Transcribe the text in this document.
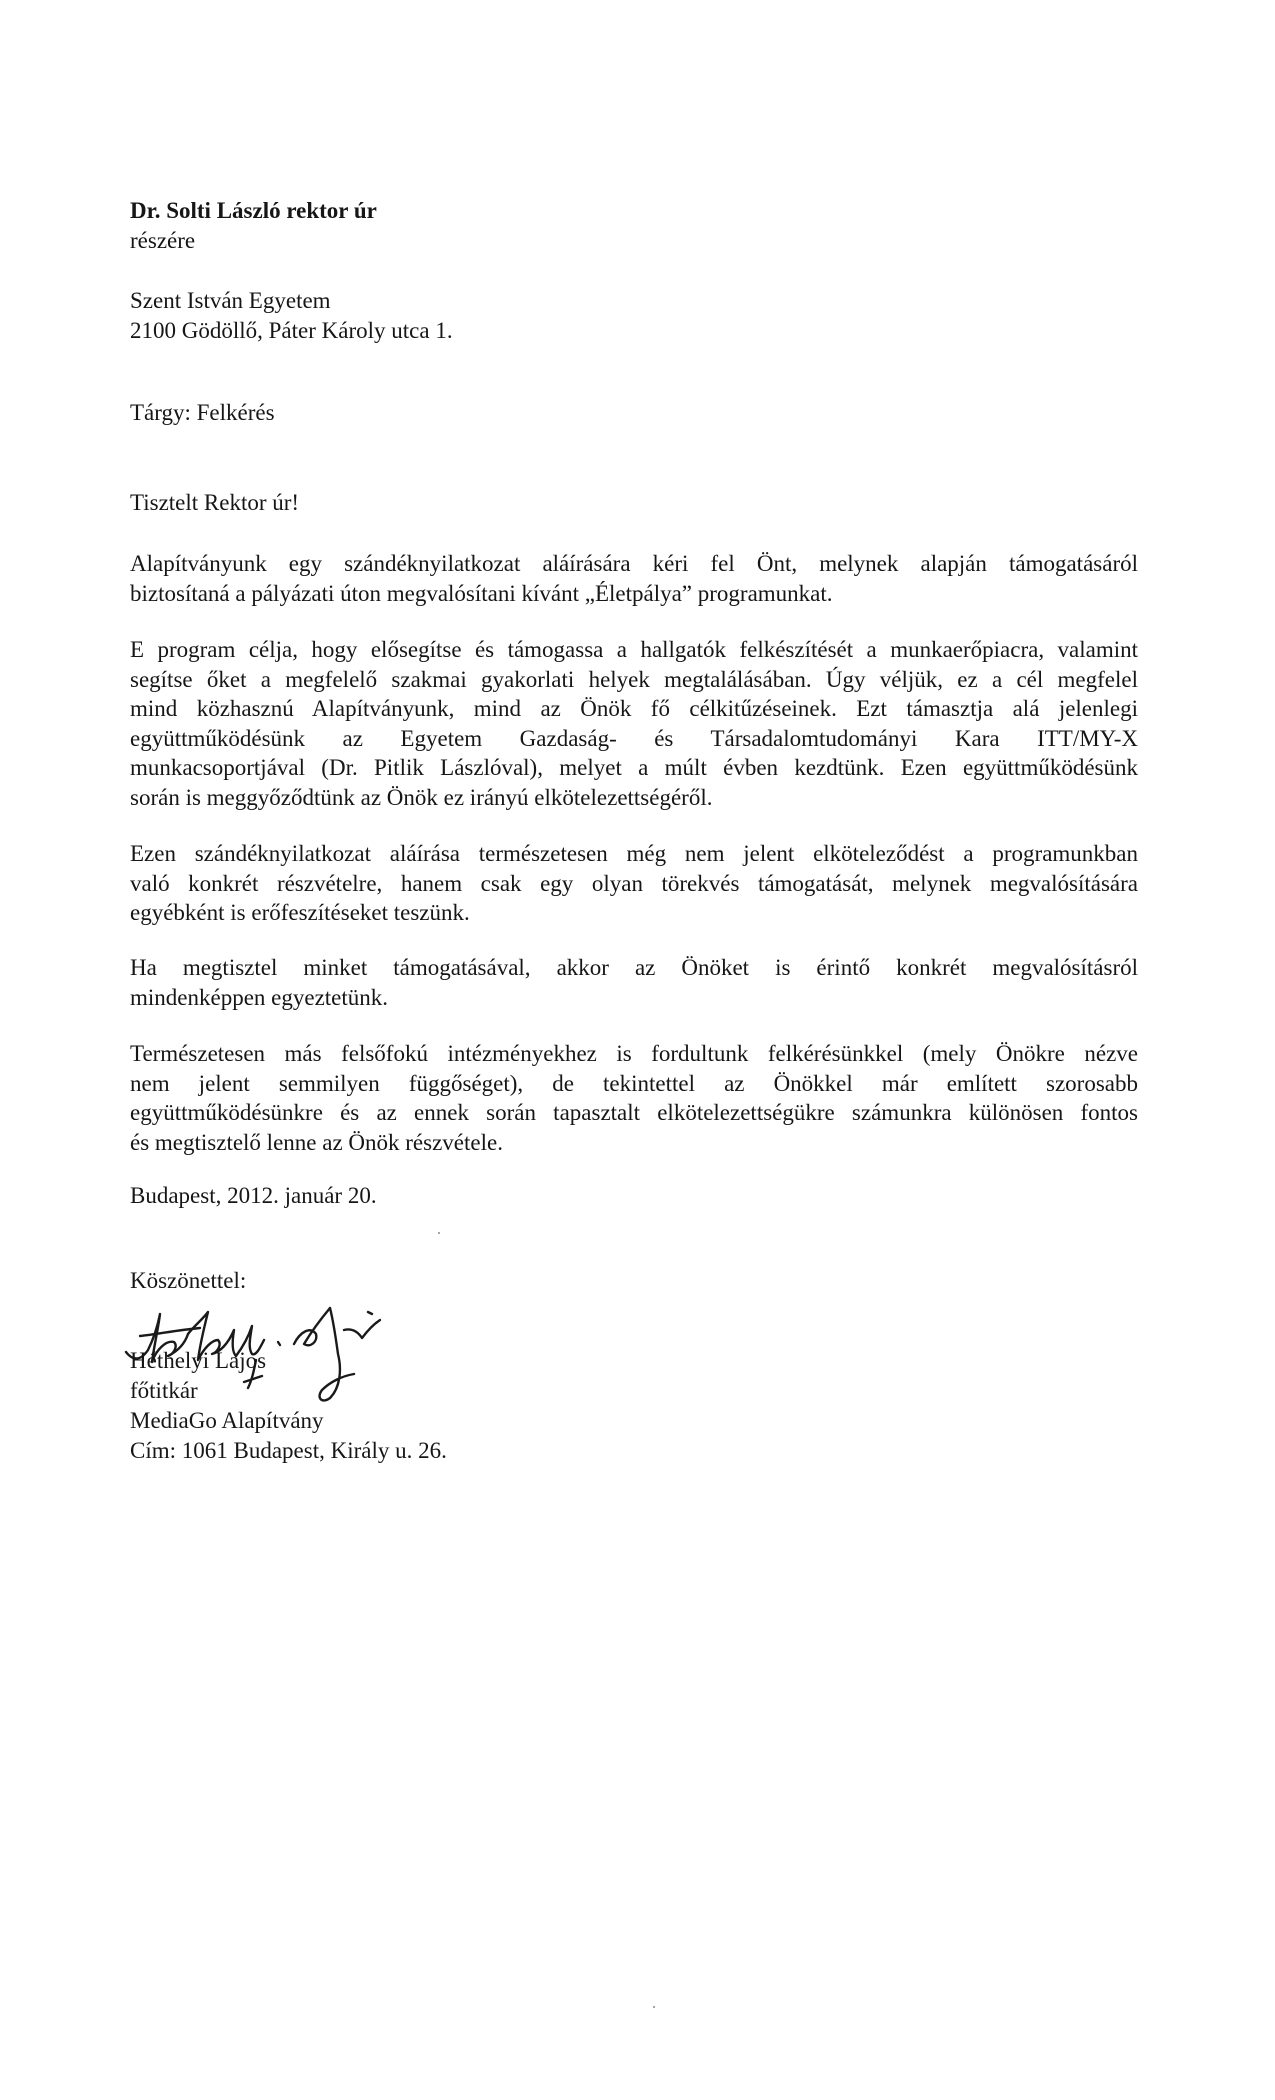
Dr. Solti László rektor úr
részére
Szent István Egyetem
2100 Gödöllő, Páter Károly utca 1.
Tárgy: Felkérés
Tisztelt Rektor úr!

Alapítványunk egy szándéknyilatkozat aláírására kéri fel Önt, melynek alapján támogatásáról

biztosítaná a pályázati úton megvalósítani kívánt „Életpálya” programunkat.

E program célja, hogy elősegítse és támogassa a hallgatók felkészítését a munkaerőpiacra, valamint

segítse őket a megfelelő szakmai gyakorlati helyek megtalálásában. Úgy véljük, ez a cél megfelel

mind közhasznú Alapítványunk, mind az Önök fő célkitűzéseinek. Ezt támasztja alá jelenlegi

együttműködésünk az Egyetem Gazdaság- és Társadalomtudományi Kara ITT/MY-X

munkacsoportjával (Dr. Pitlik Lászlóval), melyet a múlt évben kezdtünk. Ezen együttműködésünk

során is meggyőződtünk az Önök ez irányú elkötelezettségéről.

Ezen szándéknyilatkozat aláírása természetesen még nem jelent elköteleződést a programunkban

való konkrét részvételre, hanem csak egy olyan törekvés támogatását, melynek megvalósítására

egyébként is erőfeszítéseket teszünk.

Ha megtisztel minket támogatásával, akkor az Önöket is érintő konkrét megvalósításról

mindenképpen egyeztetünk.

Természetesen más felsőfokú intézményekhez is fordultunk felkérésünkkel (mely Önökre nézve

nem jelent semmilyen függőséget), de tekintettel az Önökkel már említett szorosabb

együttműködésünkre és az ennek során tapasztalt elkötelezettségükre számunkra különösen fontos

és megtisztelő lenne az Önök részvétele.

Budapest, 2012. január 20.
Köszönettel:
Héthelyi Lajos
főtitkár
MediaGo Alapítvány
Cím: 1061 Budapest, Király u. 26.
